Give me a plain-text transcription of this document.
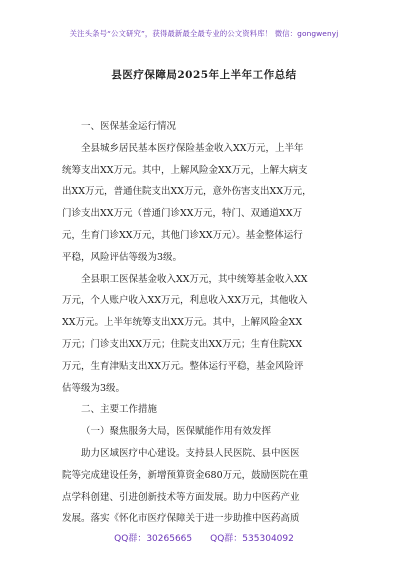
关注头条号“公文研究”，获得最新最全最专业的公文资料库！ 微信：gongwenyj
县医疗保障局2025年上半年工作总结

一、医保基金运行情况

全县城乡居民基本医疗保险基金收入XX万元，上半年
统筹支出XX万元。其中，上解风险金XX万元，上解大病支
出XX万元，普通住院支出XX万元，意外伤害支出XX万元，
门诊支出XX万元（普通门诊XX万元，特门、双通道XX万
元，生育门诊XX万元，其他门诊XX万元）。基金整体运行
平稳，风险评估等级为3级。

全县职工医保基金收入XX万元，其中统筹基金收入XX
万元，个人账户收入XX万元，利息收入XX万元，其他收入
XX万元。上半年统筹支出XX万元。其中，上解风险金XX
万元；门诊支出XX万元；住院支出XX万元；生育住院XX
万元，生育津贴支出XX万元。整体运行平稳，基金风险评
估等级为3级。

二、主要工作措施

（一）聚焦服务大局，医保赋能作用有效发挥

助力区域医疗中心建设。支持县人民医院、县中医医
院等完成建设任务，新增预算资金680万元，鼓励医院在重
点学科创建、引进创新技术等方面发展。助力中医药产业
发展。落实《怀化市医疗保障关于进一步助推中医药高质

QQ群：30265665 QQ群：535304092
